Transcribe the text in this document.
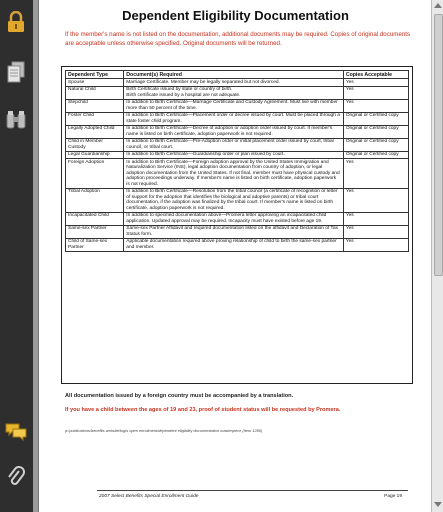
Dependent Eligibility Documentation

If the member's name is not listed on the documentation, additional documents may be required. Copies of original documents are acceptable unless otherwise specified. Original documents will be returned.

Dependent Type	Document(s) Required	Copies Acceptable
Spouse	Marriage Certificate. Member may be legally separated but not divorced.	Yes
Natural Child	Birth Certificate issued by state or country of birth.
Birth certificate issued by a hospital are not adequate.	Yes
Stepchild	In addition to Birth Certificate—Marriage Certificate and Custody Agreement. Must live with member more than 50 percent of the time.	Yes
Foster Child	In addition to Birth Certificate—Placement order or decree issued by court. Must be placed through a state foster child program.	Original or Certified copy
Legally Adopted Child	In addition to Birth Certificate—Decree of adoption or adoption order issued by court. If member's name is listed on birth certificate, adoption paperwork is not required.	Original or Certified copy
Child in Member Custody	In addition to Birth Certificate—Pre-Adoption order or initial placement order issued by court, tribal council, or tribal court.	Original or Certified copy
Legal Guardianship	In addition to Birth Certificate—Guardianship order or plan issued by court.	Original or Certified copy
Foreign Adoption	In addition to Birth Certificate—Foreign adoption approval by the United States Immigration and Naturalization Service (INS), legal adoption documentation from country of adoption, or legal adoption documentation from the United States. If not final, member must have physical custody and adoption proceedings underway. If member's name is listed on birth certificate, adoption paperwork is not required.	Yes
Tribal Adoption	In addition to Birth Certificate—Resolution from the tribal council (a certificate of recognition or letter of support for the adoption that identifies the biological and adoptive parents) or tribal court documentation, if the adoption was finalized by the tribal court. If member's name is listed on birth certificate, adoption paperwork is not required.	Yes
Incapacitated Child	In addition to specified documentation above—Promera letter approving an incapacitated child application. Updated approval may be required. Incapacity must have existed before age 19.	Yes
Same-sex Partner	Same-sex Partner Affidavit and required documentation listed on the affidavit and Declaration of Tax Status form.	Yes
Child of Same-sex Partner	Applicable documentation required above proving relationship of child to birth the same-sex partner and member.	Yes

All documentation issued by a foreign country must be accompanied by a translation.

If you have a child between the ages of 19 and 23, proof of student status will be requested by Promera.

p:/publications/benefits website/togis open enrollment/dependent eligibility documentation masterpiece (Item 1286)

2007 Select Benefits Special Enrollment Guide	Page 19
